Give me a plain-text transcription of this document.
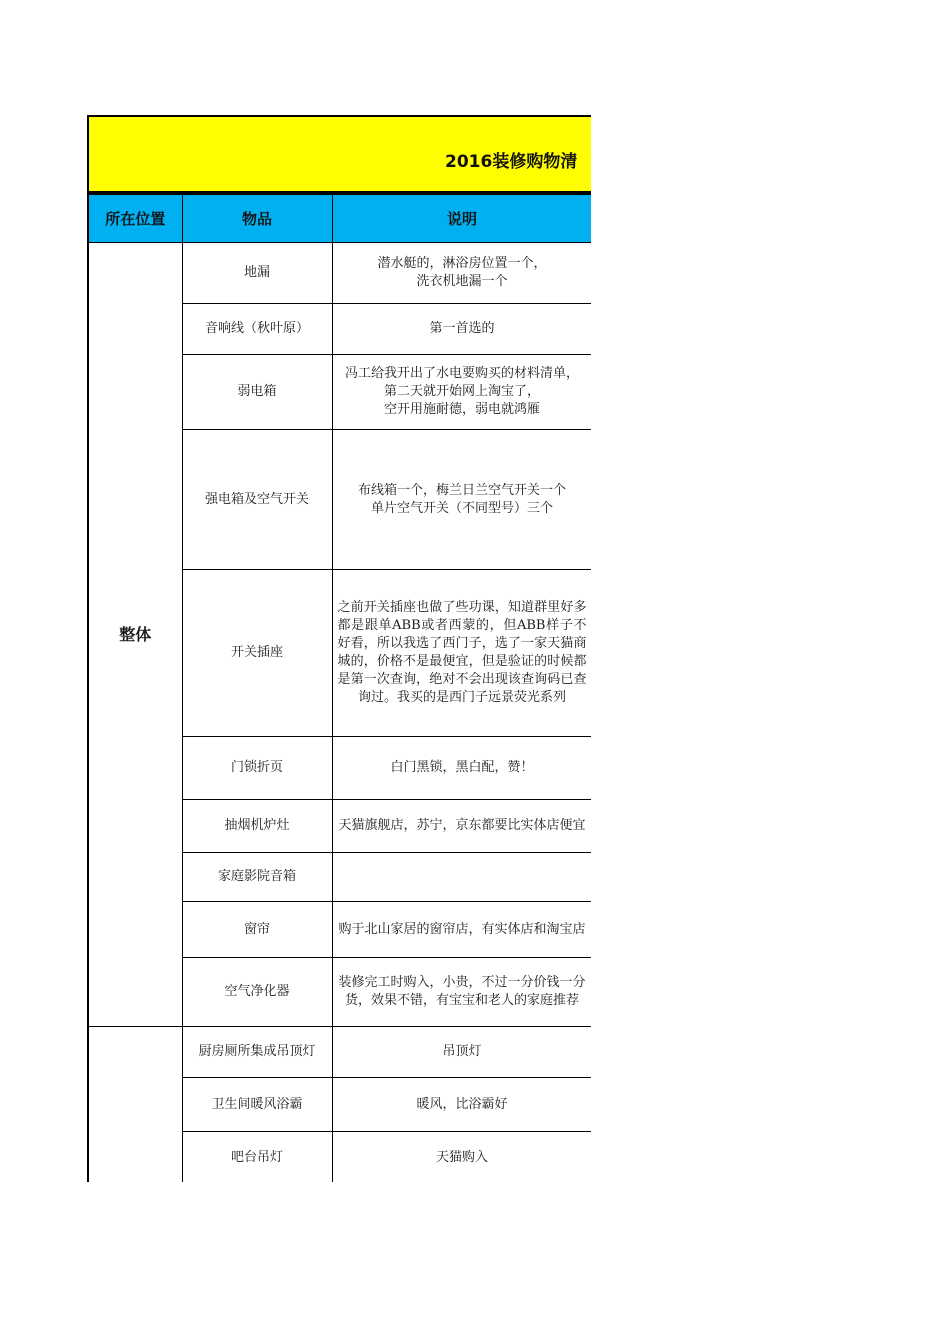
2016装修购物清
所在位置	物品	说明
整体	地漏	潜水艇的，淋浴房位置一个，
洗衣机地漏一个
	音响线（秋叶原）	第一首选的
	弱电箱	冯工给我开出了水电要购买的材料清单，
第二天就开始网上淘宝了，
空开用施耐德，弱电就鸿雁
	强电箱及空气开关	布线箱一个，梅兰日兰空气开关一个
单片空气开关（不同型号）三个
	开关插座	之前开关插座也做了些功课，知道群里好多都是跟单ABB或者西蒙的，但ABB样子不好看，所以我选了西门子，选了一家天猫商城的，价格不是最便宜，但是验证的时候都是第一次查询，绝对不会出现该查询码已查询过。我买的是西门子远景荧光系列
	门锁折页	白门黑锁，黑白配，赞！
	抽烟机炉灶	天猫旗舰店，苏宁，京东都要比实体店便宜
	家庭影院音箱	
	窗帘	购于北山家居的窗帘店，有实体店和淘宝店
	空气净化器	装修完工时购入，小贵，不过一分价钱一分货，效果不错，有宝宝和老人的家庭推荐
	厨房厕所集成吊顶灯	吊顶灯
	卫生间暖风浴霸	暖风，比浴霸好
	吧台吊灯	天猫购入
